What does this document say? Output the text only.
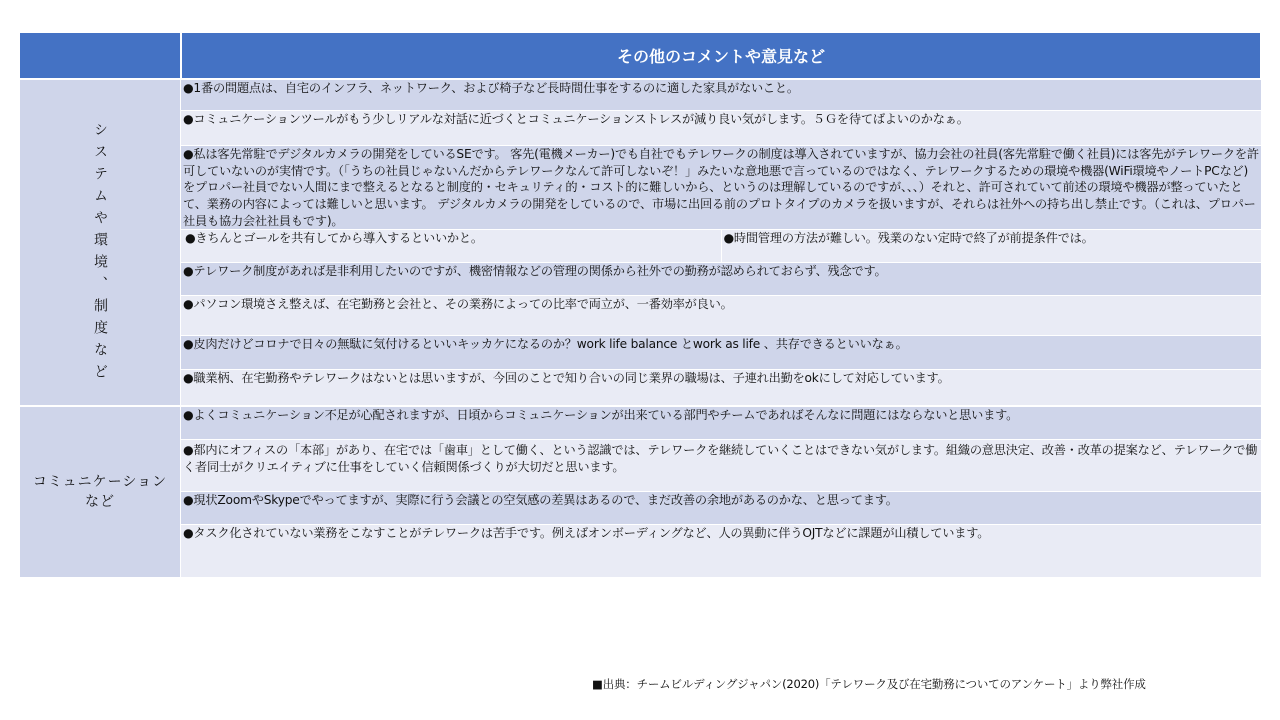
その他のコメントや意見など
システムや環境、制度など
●1番の問題点は、自宅のインフラ、ネットワーク、および椅子など長時間仕事をするのに適した家具がないこと。
●コミュニケーションツールがもう少しリアルな対話に近づくとコミュニケーションストレスが減り良い気がします。５Ｇを待てばよいのかなぁ。
●私は客先常駐でデジタルカメラの開発をしているSEです。 客先(電機メーカー)でも自社でもテレワークの制度は導入されていますが、協力会社の社員(客先常駐で働く社員)には客先がテレワークを許可していないのが実情です。（「うちの社員じゃないんだからテレワークなんて許可しないぞ！」みたいな意地悪で言っているのではなく、テレワークするための環境や機器(WiFi環境やノートPCなど)をプロパー社員でない人間にまで整えるとなると制度的・セキュリティ的・コスト的に難しいから、というのは理解しているのですが、、、）それと、許可されていて前述の環境や機器が整っていたとて、業務の内容によっては難しいと思います。 デジタルカメラの開発をしているので、市場に出回る前のプロトタイプのカメラを扱いますが、それらは社外への持ち出し禁止です。（これは、プロパー社員も協力会社社員もです)。
●きちんとゴールを共有してから導入するといいかと。	●時間管理の方法が難しい。残業のない定時で終了が前提条件では。
●テレワーク制度があれば是非利用したいのですが、機密情報などの管理の関係から社外での勤務が認められておらず、残念です。
●パソコン環境さえ整えば、在宅勤務と会社と、その業務によっての比率で両立が、一番効率が良い。
●皮肉だけどコロナで日々の無駄に気付けるといいキッカケになるのか？work life balance とwork as life 、共存できるといいなぁ。
●職業柄、在宅勤務やテレワークはないとは思いますが、今回のことで知り合いの同じ業界の職場は、子連れ出勤をokにして対応しています。
コミュニケーション
など
●よくコミュニケーション不足が心配されますが、日頃からコミュニケーションが出来ている部門やチームであればそんなに問題にはならないと思います。
●都内にオフィスの「本部」があり、在宅では「歯車」として働く、という認識では、テレワークを継続していくことはできない気がします。組織の意思決定、改善・改革の提案など、テレワークで働く者同士がクリエイティブに仕事をしていく信頼関係づくりが大切だと思います。
●現状ZoomやSkypeでやってますが、実際に行う会議との空気感の差異はあるので、まだ改善の余地があるのかな、と思ってます。
●タスク化されていない業務をこなすことがテレワークは苦手です。例えばオンボーディングなど、人の異動に伴うOJTなどに課題が山積しています。
■出典：チームビルディングジャパン(2020)「テレワーク及び在宅勤務についてのアンケート」より弊社作成
